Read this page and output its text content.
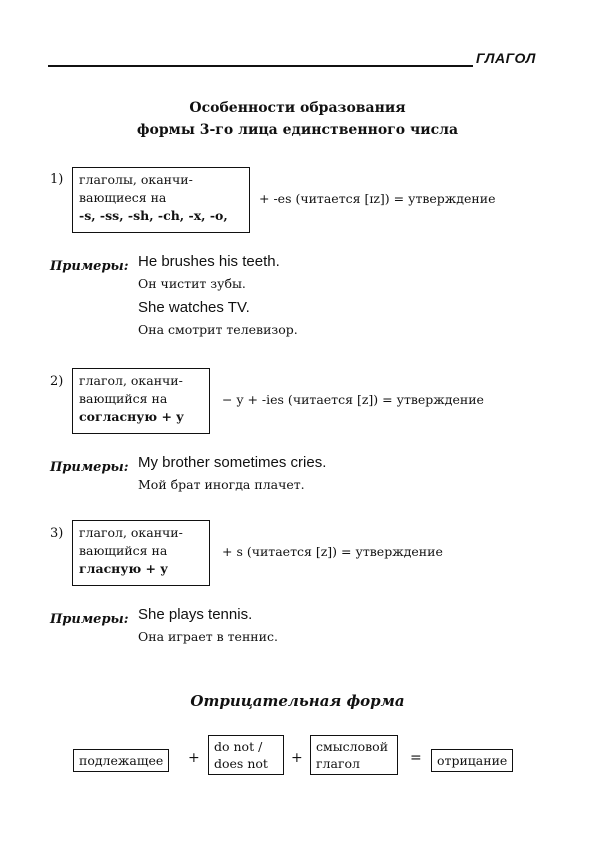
ГЛАГОЛ
Особенности образования
формы 3-го лица единственного числа
1) глаголы, оканчи-
вающиеся на
-s, -ss, -sh, -ch, -x, -o,
+ -es (читается [ɪz]) = утверждение
Примеры: He brushes his teeth.
Он чистит зубы.
She watches TV.
Она смотрит телевизор.
2) глагол, оканчи-
вающийся на
согласную + y
− y + -ies (читается [z]) = утверждение
Примеры: My brother sometimes cries.
Мой брат иногда плачет.
3) глагол, оканчи-
вающийся на
гласную + y
+ s (читается [z]) = утверждение
Примеры: She plays tennis.
Она играет в теннис.
Отрицательная форма
подлежащее	+
do not /
does not	+
смысловой
глагол	=	отрицание
